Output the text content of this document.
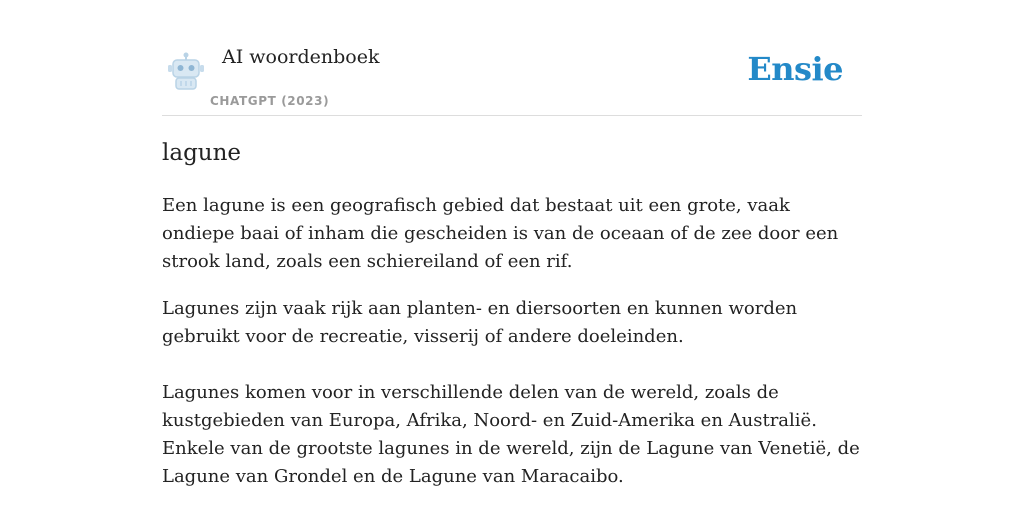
AI woordenboek
CHATGPT (2023)
Ensie
lagune

Een lagune is een geografisch gebied dat bestaat uit een grote, vaak ondiepe baai of inham die gescheiden is van de oceaan of de zee door een strook land, zoals een schiereiland of een rif.

Lagunes zijn vaak rijk aan planten- en diersoorten en kunnen worden gebruikt voor de recreatie, visserij of andere doeleinden.

Lagunes komen voor in verschillende delen van de wereld, zoals de kustgebieden van Europa, Afrika, Noord- en Zuid-Amerika en Australië. Enkele van de grootste lagunes in de wereld, zijn de Lagune van Venetië, de Lagune van Grondel en de Lagune van Maracaibo.
